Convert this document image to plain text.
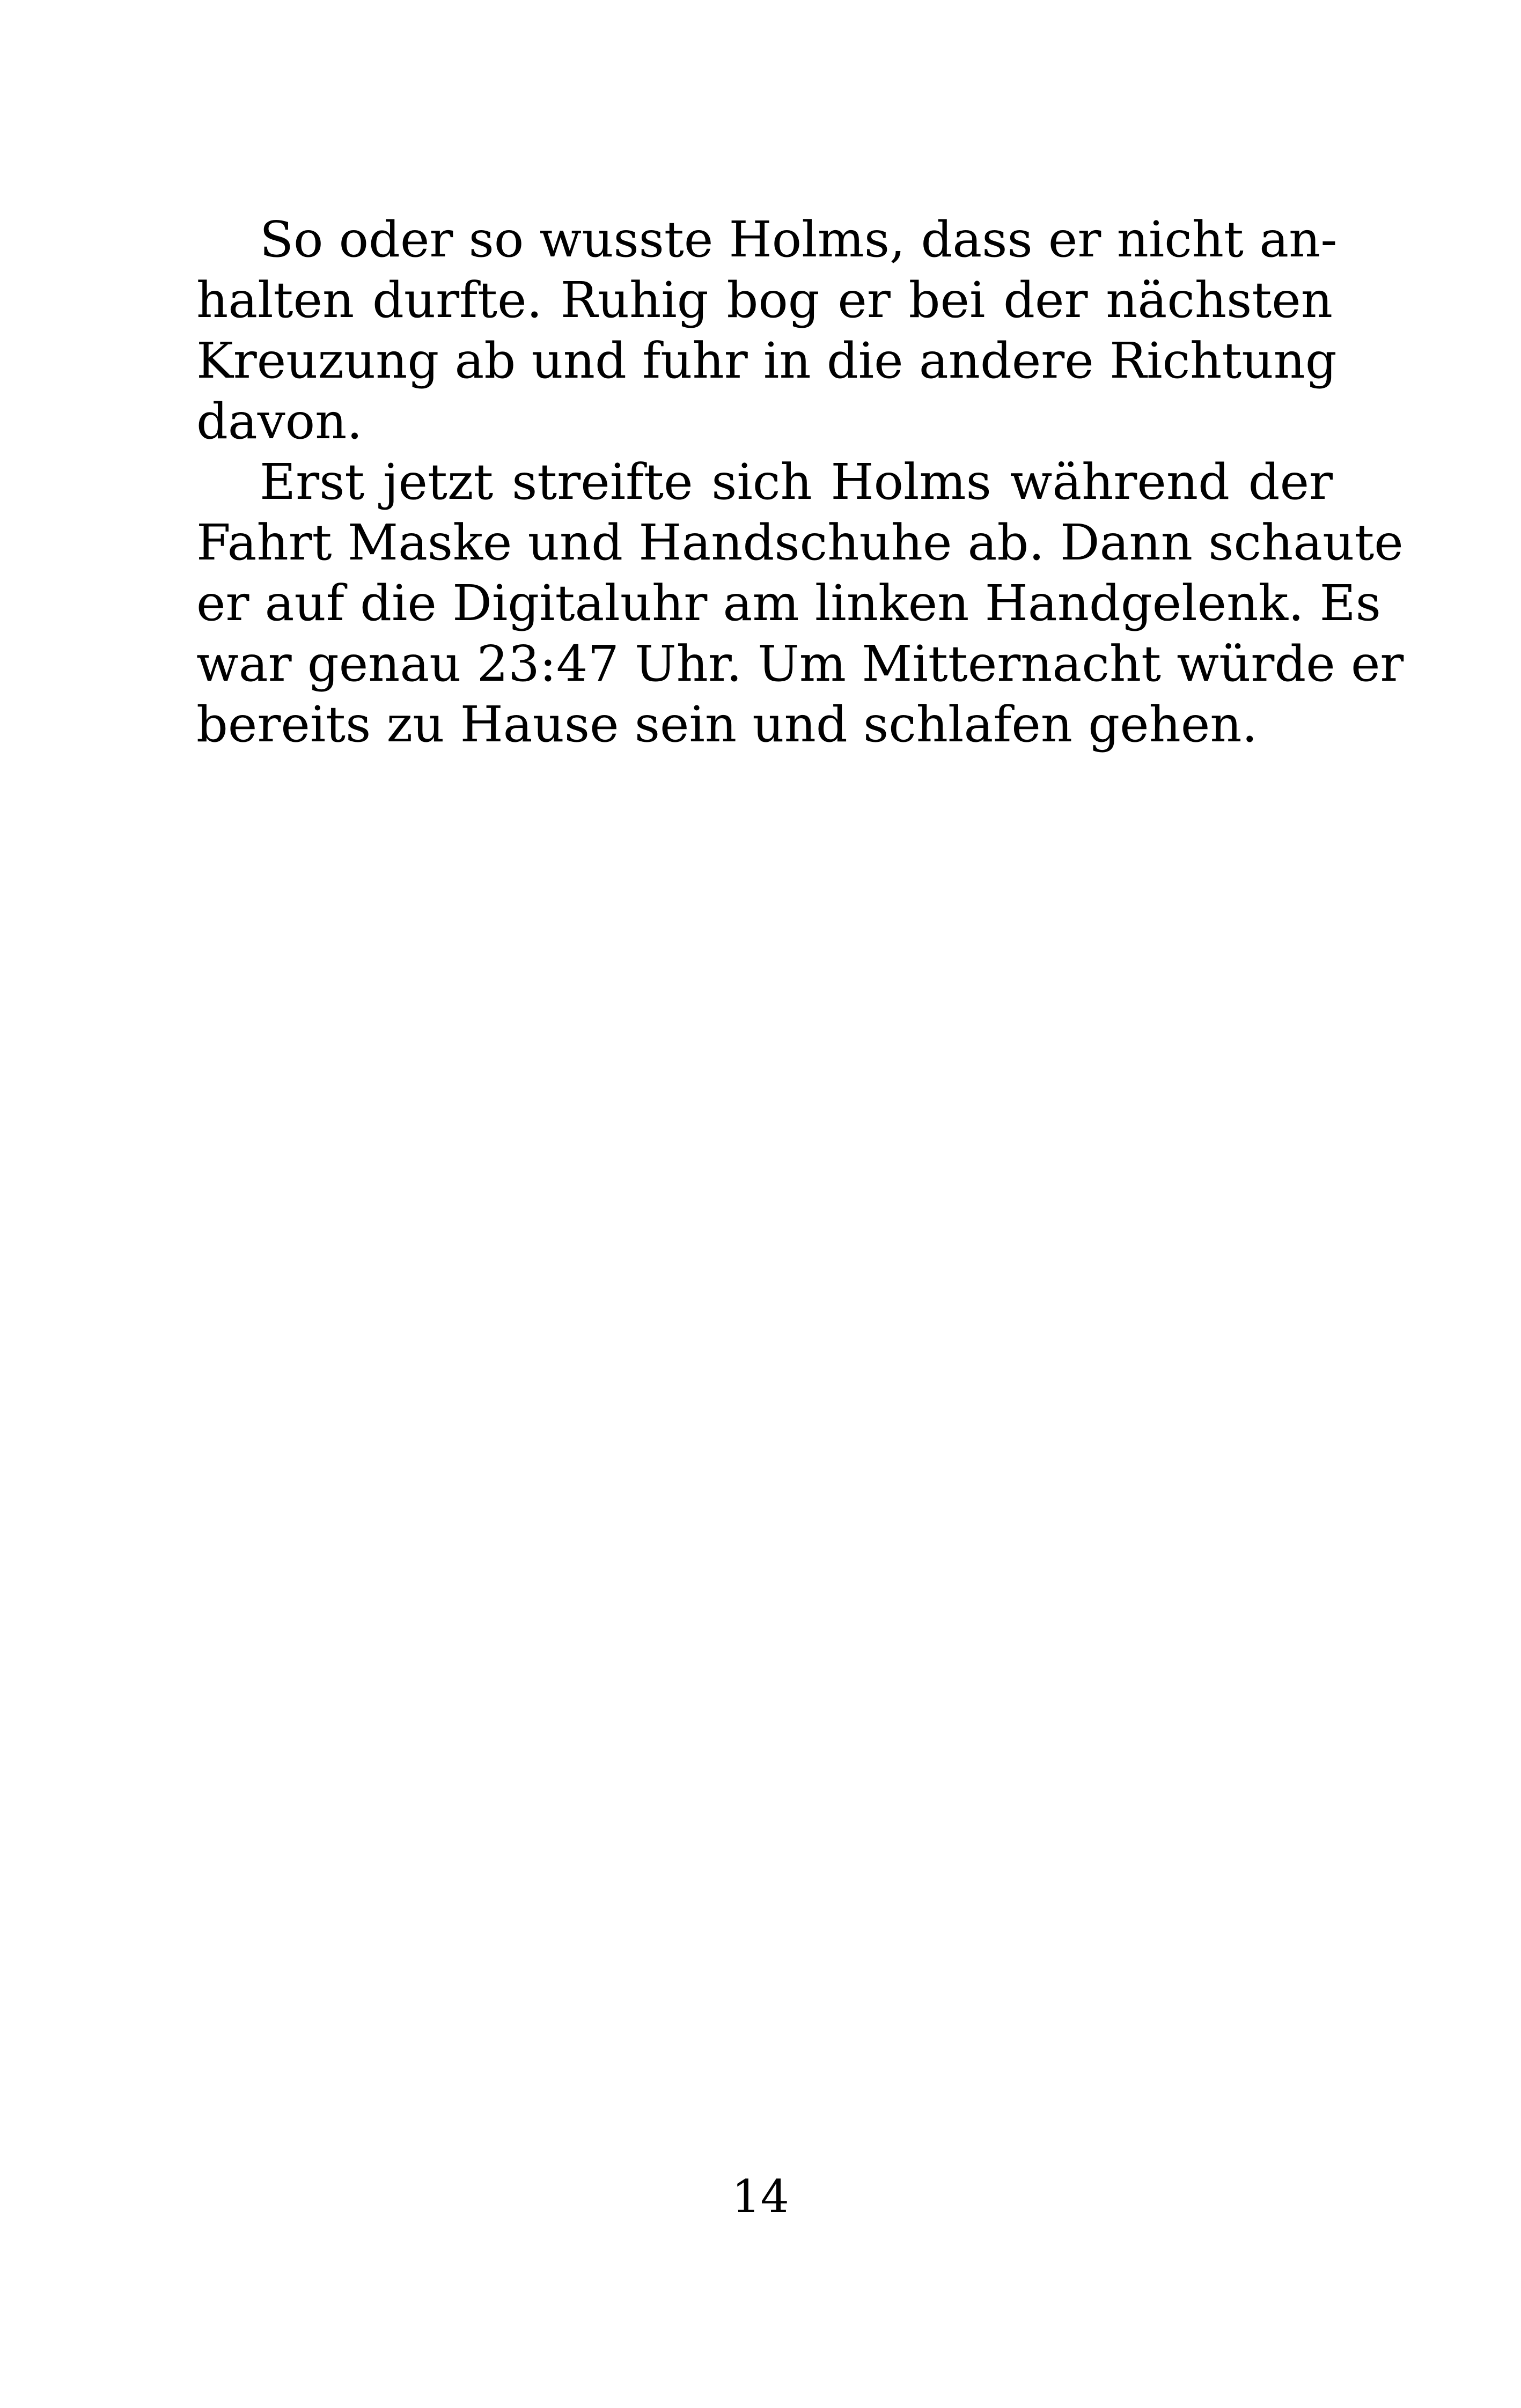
So oder so wusste Holms, dass er nicht an-
halten durfte. Ruhig bog er bei der nächsten
Kreuzung ab und fuhr in die andere Richtung
davon.

Erst jetzt streifte sich Holms während der
Fahrt Maske und Handschuhe ab. Dann schaute
er auf die Digitaluhr am linken Handgelenk. Es
war genau 23:47 Uhr. Um Mitternacht würde er
bereits zu Hause sein und schlafen gehen.

14
